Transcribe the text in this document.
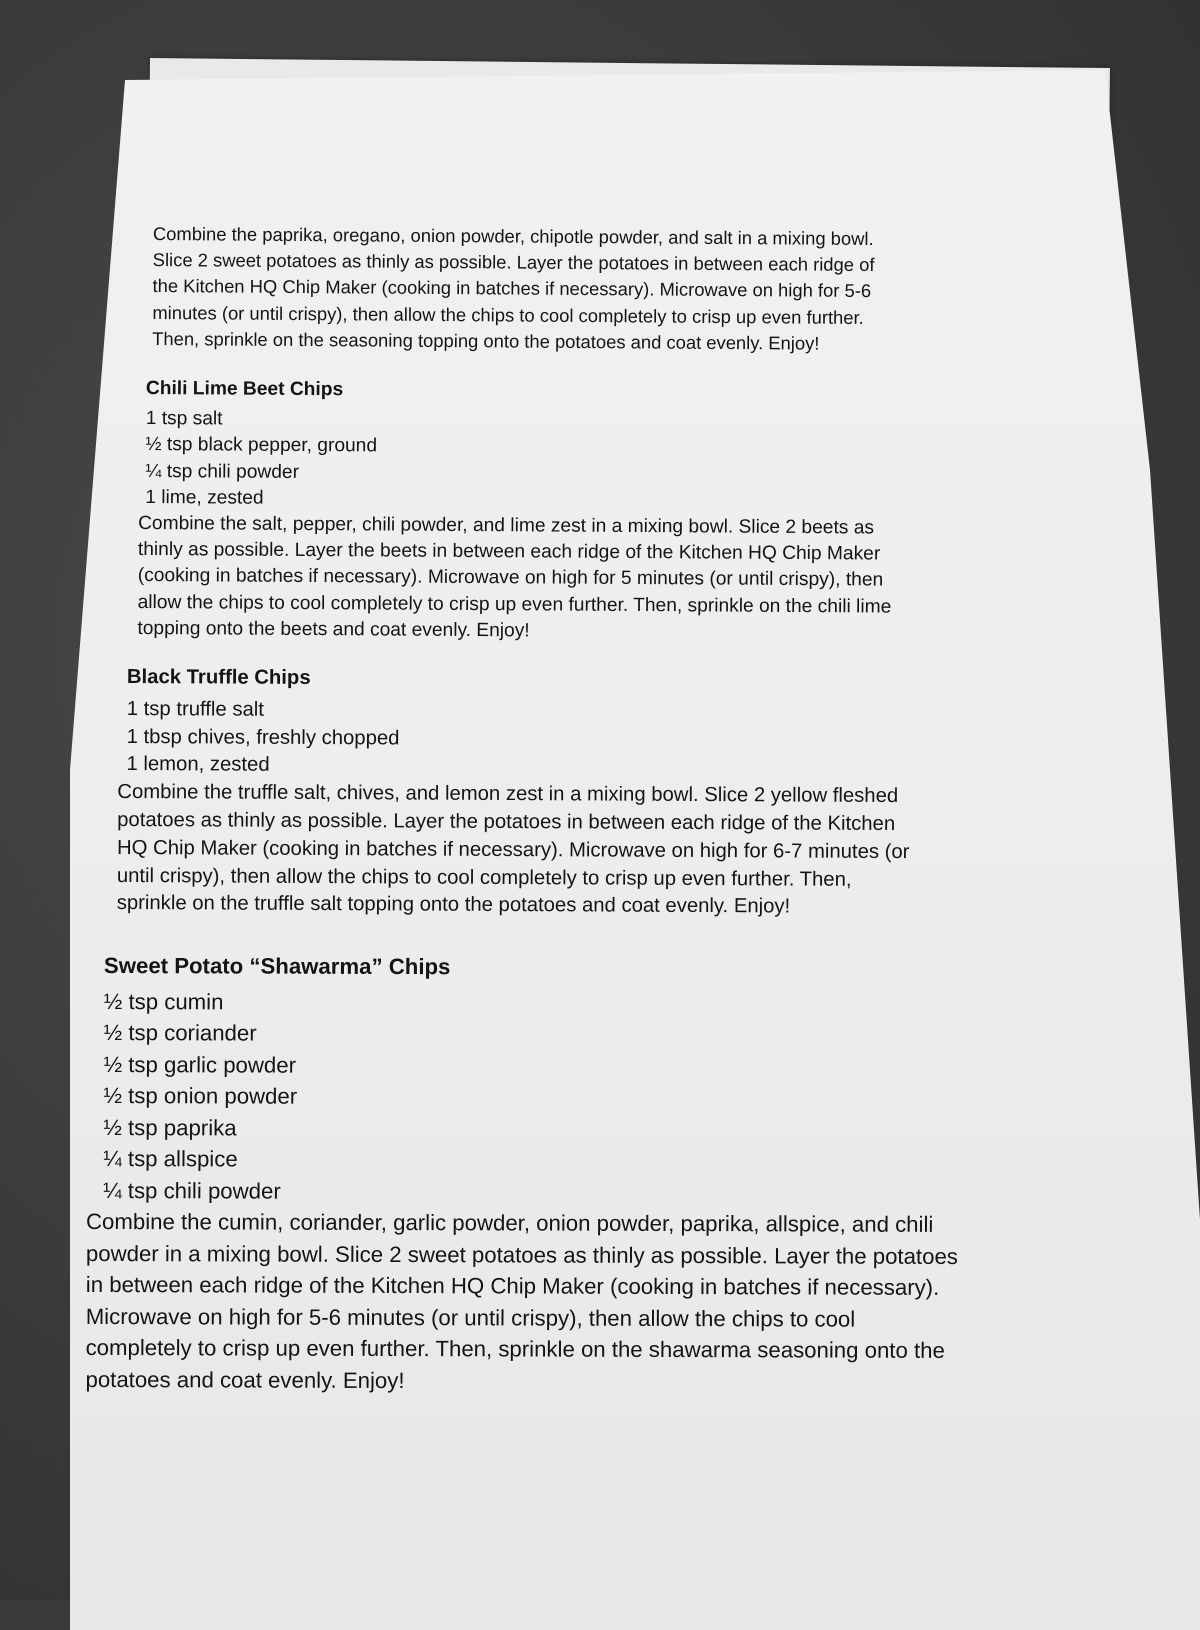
Combine the paprika, oregano, onion powder, chipotle powder, and salt in a mixing bowl.
Slice 2 sweet potatoes as thinly as possible. Layer the potatoes in between each ridge of
the Kitchen HQ Chip Maker (cooking in batches if necessary). Microwave on high for 5-6
minutes (or until crispy), then allow the chips to cool completely to crisp up even further.
Then, sprinkle on the seasoning topping onto the potatoes and coat evenly. Enjoy!
Chili Lime Beet Chips
1 tsp salt
½ tsp black pepper, ground
¼ tsp chili powder
1 lime, zested
Combine the salt, pepper, chili powder, and lime zest in a mixing bowl. Slice 2 beets as
thinly as possible. Layer the beets in between each ridge of the Kitchen HQ Chip Maker
(cooking in batches if necessary). Microwave on high for 5 minutes (or until crispy), then
allow the chips to cool completely to crisp up even further. Then, sprinkle on the chili lime
topping onto the beets and coat evenly. Enjoy!
Black Truffle Chips
1 tsp truffle salt
1 tbsp chives, freshly chopped
1 lemon, zested
Combine the truffle salt, chives, and lemon zest in a mixing bowl. Slice 2 yellow fleshed
potatoes as thinly as possible. Layer the potatoes in between each ridge of the Kitchen
HQ Chip Maker (cooking in batches if necessary). Microwave on high for 6-7 minutes (or
until crispy), then allow the chips to cool completely to crisp up even further. Then,
sprinkle on the truffle salt topping onto the potatoes and coat evenly. Enjoy!
Sweet Potato “Shawarma” Chips
½ tsp cumin
½ tsp coriander
½ tsp garlic powder
½ tsp onion powder
½ tsp paprika
¼ tsp allspice
¼ tsp chili powder
Combine the cumin, coriander, garlic powder, onion powder, paprika, allspice, and chili
powder in a mixing bowl. Slice 2 sweet potatoes as thinly as possible. Layer the potatoes
in between each ridge of the Kitchen HQ Chip Maker (cooking in batches if necessary).
Microwave on high for 5-6 minutes (or until crispy), then allow the chips to cool
completely to crisp up even further. Then, sprinkle on the shawarma seasoning onto the
potatoes and coat evenly. Enjoy!
